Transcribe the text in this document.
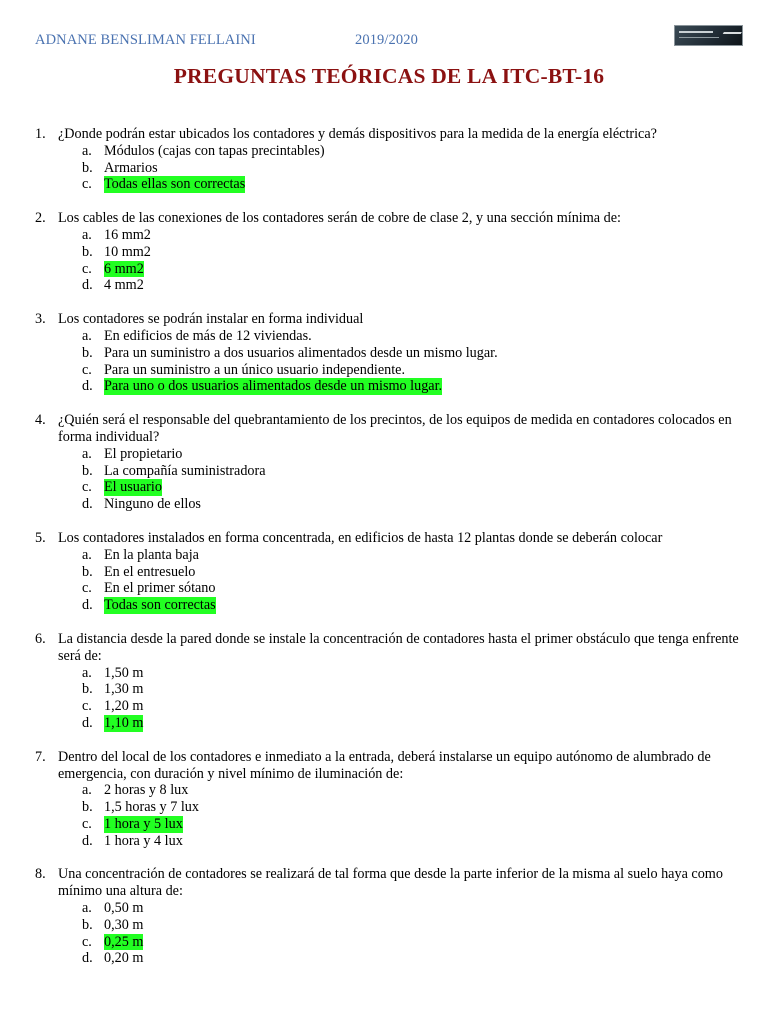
ADNANE BENSLIMAN FELLAINI	2019/2020
PREGUNTAS TEÓRICAS DE LA ITC-BT-16
1. ¿Donde podrán estar ubicados los contadores y demás dispositivos para la medida de la energía eléctrica?
a. Módulos (cajas con tapas precintables)
b. Armarios
c. Todas ellas son correctas
2. Los cables de las conexiones de los contadores serán de cobre de clase 2, y una sección mínima de:
a. 16 mm2
b. 10 mm2
c. 6 mm2
d. 4 mm2
3. Los contadores se podrán instalar en forma individual
a. En edificios de más de 12 viviendas.
b. Para un suministro a dos usuarios alimentados desde un mismo lugar.
c. Para un suministro a un único usuario independiente.
d. Para uno o dos usuarios alimentados desde un mismo lugar.
4. ¿Quién será el responsable del quebrantamiento de los precintos, de los equipos de medida en contadores colocados en forma individual?
a. El propietario
b. La compañía suministradora
c. El usuario
d. Ninguno de ellos
5. Los contadores instalados en forma concentrada, en edificios de hasta 12 plantas donde se deberán colocar
a. En la planta baja
b. En el entresuelo
c. En el primer sótano
d. Todas son correctas
6. La distancia desde la pared donde se instale la concentración de contadores hasta el primer obstáculo que tenga enfrente será de:
a. 1,50 m
b. 1,30 m
c. 1,20 m
d. 1,10 m
7. Dentro del local de los contadores e inmediato a la entrada, deberá instalarse un equipo autónomo de alumbrado de emergencia, con duración y nivel mínimo de iluminación de:
a. 2 horas y 8 lux
b. 1,5 horas y 7 lux
c. 1 hora y 5 lux
d. 1 hora y 4 lux
8. Una concentración de contadores se realizará de tal forma que desde la parte inferior de la misma al suelo haya como mínimo una altura de:
a. 0,50 m
b. 0,30 m
c. 0,25 m
d. 0,20 m
